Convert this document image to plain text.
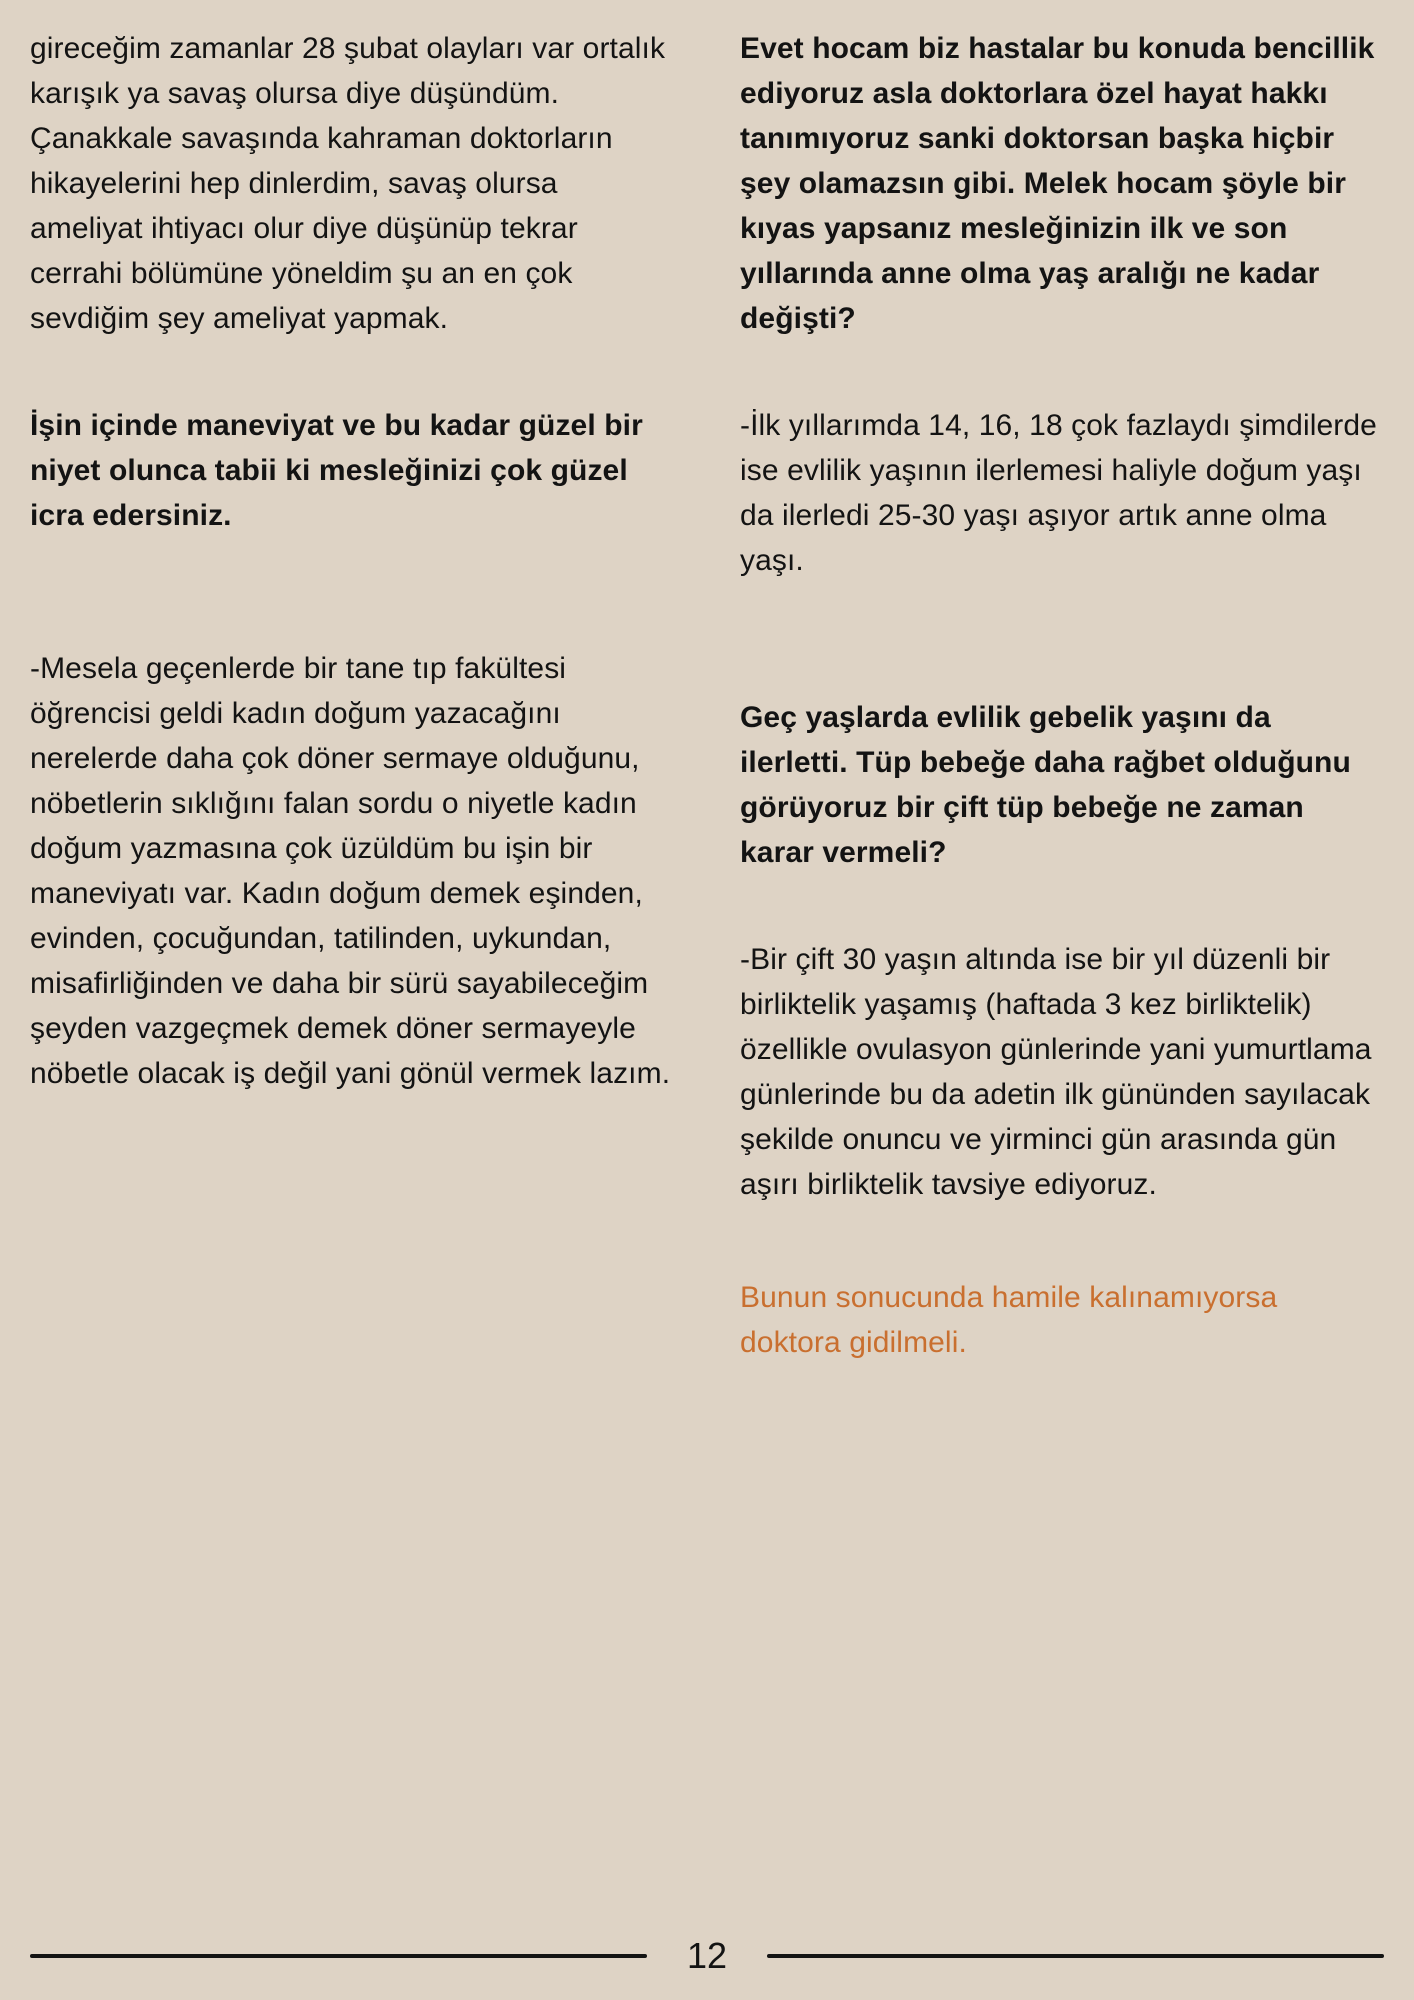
gireceğim zamanlar 28 şubat olayları var ortalık karışık ya savaş olursa diye düşündüm. Çanakkale savaşında kahraman doktorların hikayelerini hep dinlerdim, savaş olursa ameliyat ihtiyacı olur diye düşünüp tekrar cerrahi bölümüne yöneldim şu an en çok sevdiğim şey ameliyat yapmak.

İşin içinde maneviyat ve bu kadar güzel bir niyet olunca tabii ki mesleğinizi çok güzel icra edersiniz.

-Mesela geçenlerde bir tane tıp fakültesi öğrencisi geldi kadın doğum yazacağını nerelerde daha çok döner sermaye olduğunu, nöbetlerin sıklığını falan sordu o niyetle kadın doğum yazmasına çok üzüldüm bu işin bir maneviyatı var. Kadın doğum demek eşinden, evinden, çocuğundan, tatilinden, uykundan, misafirliğinden ve daha bir sürü sayabileceğim şeyden vazgeçmek demek döner sermayeyle nöbetle olacak iş değil yani gönül vermek lazım.

Evet hocam biz hastalar bu konuda bencillik ediyoruz asla doktorlara özel hayat hakkı tanımıyoruz sanki doktorsan başka hiçbir şey olamazsın gibi. Melek hocam şöyle bir kıyas yapsanız mesleğinizin ilk ve son yıllarında anne olma yaş aralığı ne kadar değişti?

-İlk yıllarımda 14, 16, 18 çok fazlaydı şimdilerde ise evlilik yaşının ilerlemesi haliyle doğum yaşı da ilerledi 25-30 yaşı aşıyor artık anne olma yaşı.

Geç yaşlarda evlilik gebelik yaşını da ilerletti. Tüp bebeğe daha rağbet olduğunu görüyoruz bir çift tüp bebeğe ne zaman karar vermeli?

-Bir çift 30 yaşın altında ise bir yıl düzenli bir birliktelik yaşamış (haftada 3 kez birliktelik) özellikle ovulasyon günlerinde yani yumurtlama günlerinde bu da adetin ilk gününden sayılacak şekilde onuncu ve yirminci gün arasında gün aşırı birliktelik tavsiye ediyoruz.

Bunun sonucunda hamile kalınamıyorsa doktora gidilmeli.

12
